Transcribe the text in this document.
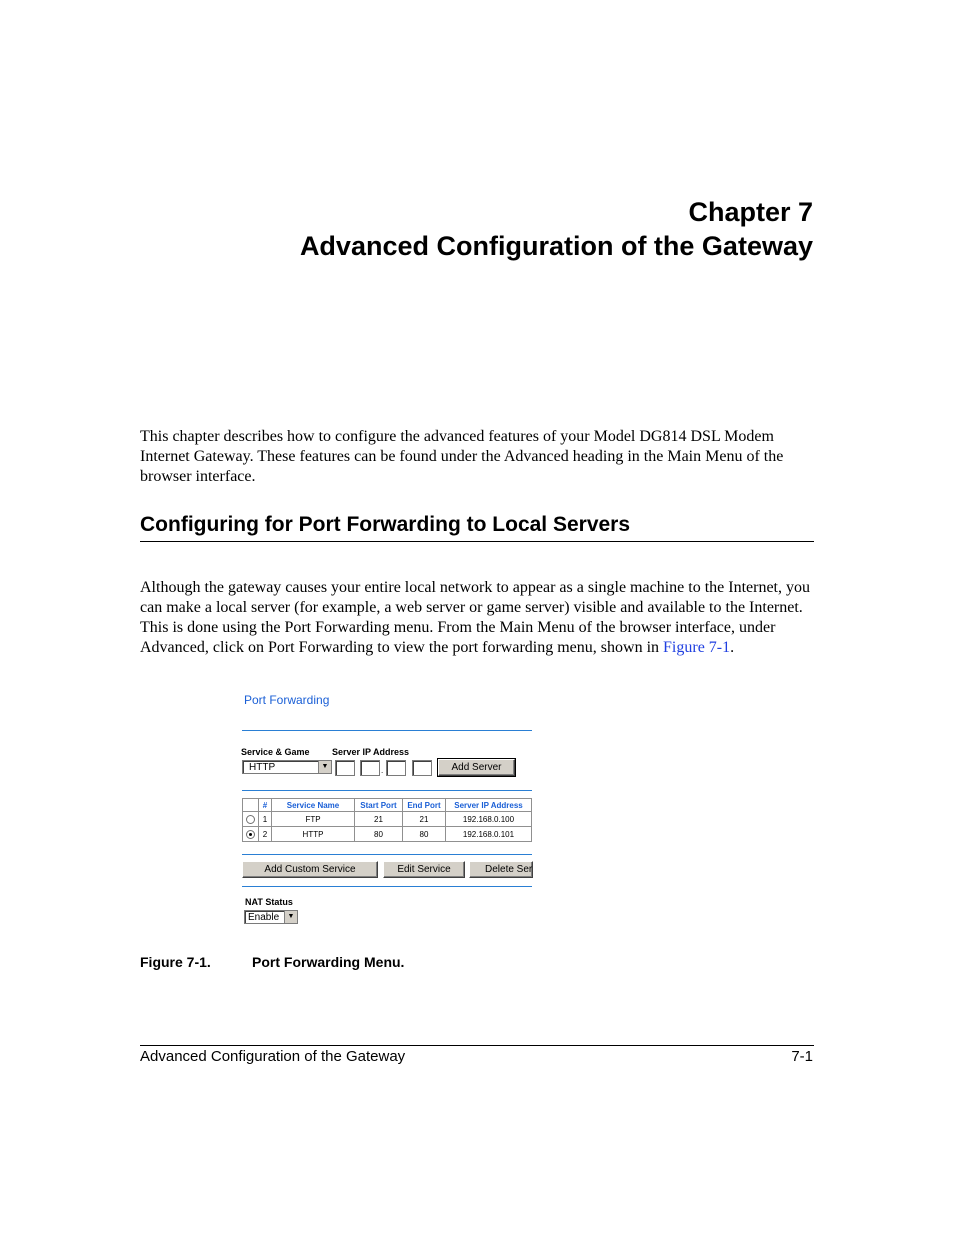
Chapter 7
Advanced Configuration of the Gateway

This chapter describes how to configure the advanced features of your Model DG814 DSL Modem Internet Gateway. These features can be found under the Advanced heading in the Main Menu of the browser interface.

Configuring for Port Forwarding to Local Servers

Although the gateway causes your entire local network to appear as a single machine to the Internet, you can make a local server (for example, a web server or game server) visible and available to the Internet. This is done using the Port Forwarding menu. From the Main Menu of the browser interface, under Advanced, click on Port Forwarding to view the port forwarding menu, shown in Figure 7-1.

Port Forwarding
Service & Game Server IP Address
HTTP	▼	.	Add Server
	#	Service Name	Start Port	End Port	Server IP Address
	1	FTP	21	21	192.168.0.100
	2	HTTP	80	80	192.168.0.101
Add Custom Service	Edit Service	Delete Ser
NAT Status
Enable	▼
Figure 7-1.	Port Forwarding Menu.
Advanced Configuration of the Gateway	7-1
